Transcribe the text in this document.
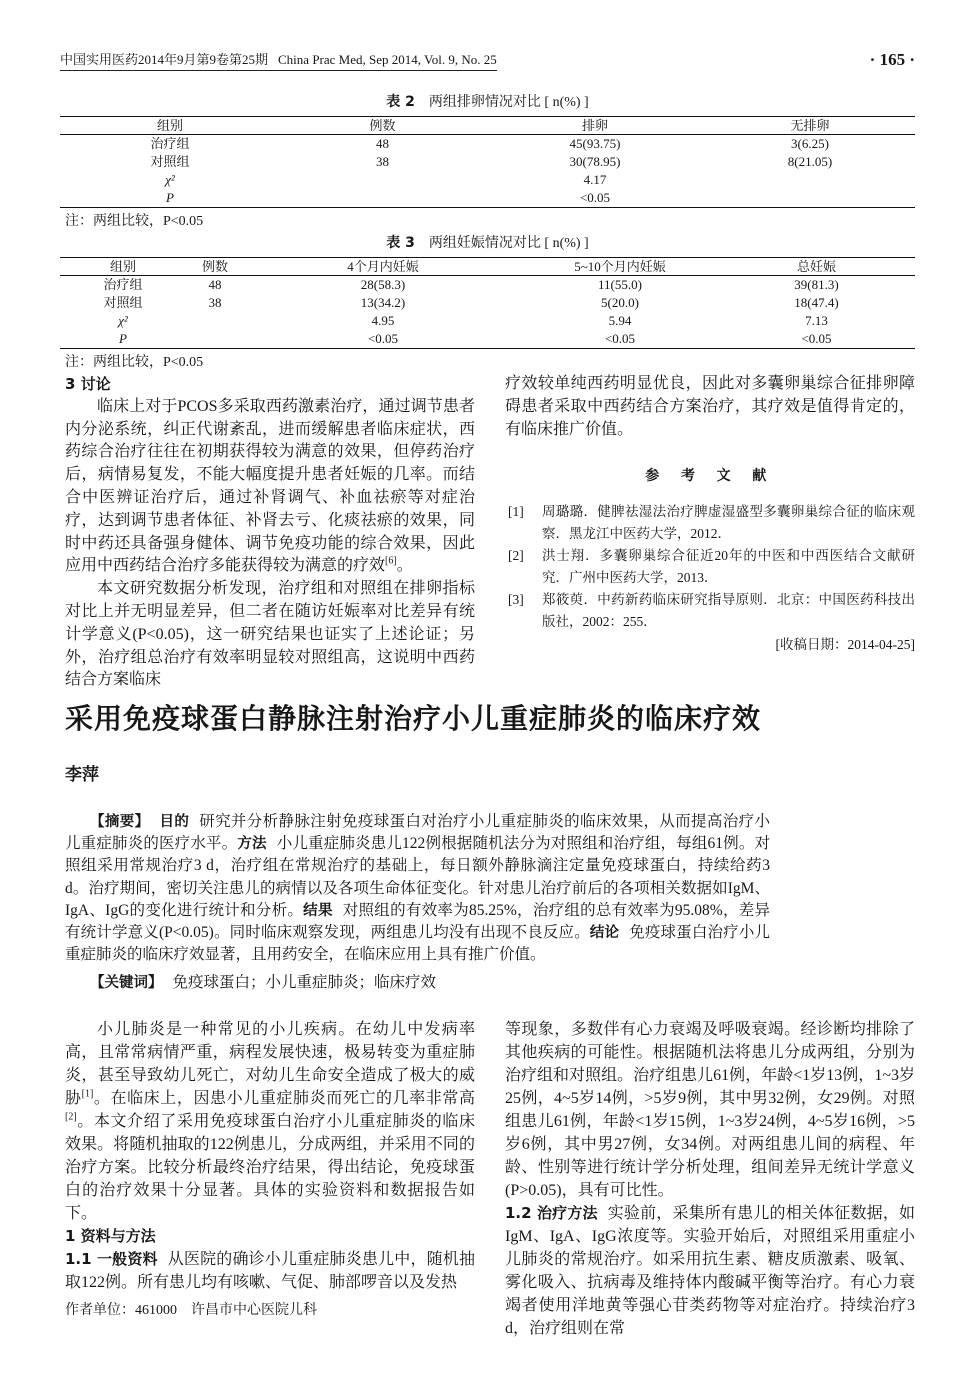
中国实用医药2014年9月第9卷第25期 China Prac Med, Sep 2014, Vol. 9, No. 25	· 165 ·
表 2 两组排卵情况对比 [ n(%) ]
组别	例数	排卵	无排卵
治疗组	48	45(93.75)	3(6.25)
对照组	38	30(78.95)	8(21.05)
χ²		4.17	
P		<0.05	
注：两组比较，P<0.05
表 3 两组妊娠情况对比 [ n(%) ]
组别	例数	4个月内妊娠	5~10个月内妊娠	总妊娠
治疗组	48	28(58.3)	11(55.0)	39(81.3)
对照组	38	13(34.2)	5(20.0)	18(47.4)
χ²		4.95	5.94	7.13
P		<0.05	<0.05	<0.05
注：两组比较，P<0.05

3 讨论

临床上对于PCOS多采取西药激素治疗，通过调节患者内分泌系统，纠正代谢紊乱，进而缓解患者临床症状，西药综合治疗往往在初期获得较为满意的效果，但停药治疗后，病情易复发，不能大幅度提升患者妊娠的几率。而结合中医辨证治疗后，通过补肾调气、补血祛瘀等对症治疗，达到调节患者体征、补肾去亏、化痰祛瘀的效果，同时中药还具备强身健体、调节免疫功能的综合效果，因此应用中西药结合治疗多能获得较为满意的疗效[6]。

本文研究数据分析发现，治疗组和对照组在排卵指标对比上并无明显差异，但二者在随访妊娠率对比差异有统计学意义(P<0.05)，这一研究结果也证实了上述论证；另外，治疗组总治疗有效率明显较对照组高，这说明中西药结合方案临床

疗效较单纯西药明显优良，因此对多囊卵巢综合征排卵障碍患者采取中西药结合方案治疗，其疗效是值得肯定的，有临床推广价值。

参 考 文 献

[1]	周璐璐．健脾祛湿法治疗脾虚湿盛型多囊卵巢综合征的临床观察．黑龙江中医药大学，2012．
[2]	洪士翔．多囊卵巢综合征近20年的中医和中西医结合文献研究．广州中医药大学，2013．
[3]	郑筱萸．中药新药临床研究指导原则．北京：中国医药科技出版社，2002：255．

[收稿日期：2014-04-25]

采用免疫球蛋白静脉注射治疗小儿重症肺炎的临床疗效
李萍

【摘要】 目的 研究并分析静脉注射免疫球蛋白对治疗小儿重症肺炎的临床效果，从而提高治疗小儿重症肺炎的医疗水平。方法 小儿重症肺炎患儿122例根据随机法分为对照组和治疗组，每组61例。对照组采用常规治疗3 d，治疗组在常规治疗的基础上，每日额外静脉滴注定量免疫球蛋白，持续给药3 d。治疗期间，密切关注患儿的病情以及各项生命体征变化。针对患儿治疗前后的各项相关数据如IgM、IgA、IgG的变化进行统计和分析。结果 对照组的有效率为85.25%，治疗组的总有效率为95.08%，差异有统计学意义(P<0.05)。同时临床观察发现，两组患儿均没有出现不良反应。结论 免疫球蛋白治疗小儿重症肺炎的临床疗效显著，且用药安全，在临床应用上具有推广价值。

【关键词】 免疫球蛋白；小儿重症肺炎；临床疗效

小儿肺炎是一种常见的小儿疾病。在幼儿中发病率高，且常常病情严重，病程发展快速，极易转变为重症肺炎，甚至导致幼儿死亡，对幼儿生命安全造成了极大的威胁[1]。在临床上，因患小儿重症肺炎而死亡的几率非常高[2]。本文介绍了采用免疫球蛋白治疗小儿重症肺炎的临床效果。将随机抽取的122例患儿，分成两组，并采用不同的治疗方案。比较分析最终治疗结果，得出结论，免疫球蛋白的治疗效果十分显著。具体的实验资料和数据报告如下。

1 资料与方法

1.1 一般资料 从医院的确诊小儿重症肺炎患儿中，随机抽取122例。所有患儿均有咳嗽、气促、肺部啰音以及发热

等现象，多数伴有心力衰竭及呼吸衰竭。经诊断均排除了其他疾病的可能性。根据随机法将患儿分成两组，分别为治疗组和对照组。治疗组患儿61例，年龄<1岁13例，1~3岁25例，4~5岁14例，>5岁9例，其中男32例，女29例。对照组患儿61例，年龄<1岁15例，1~3岁24例，4~5岁16例，>5岁6例，其中男27例，女34例。对两组患儿间的病程、年龄、性别等进行统计学分析处理，组间差异无统计学意义(P>0.05)，具有可比性。

1.2 治疗方法 实验前，采集所有患儿的相关体征数据，如IgM、IgA、IgG浓度等。实验开始后，对照组采用重症小儿肺炎的常规治疗。如采用抗生素、糖皮质激素、吸氧、雾化吸入、抗病毒及维持体内酸碱平衡等治疗。有心力衰竭者使用洋地黄等强心苷类药物等对症治疗。持续治疗3 d，治疗组则在常

作者单位：461000　许昌市中心医院儿科
